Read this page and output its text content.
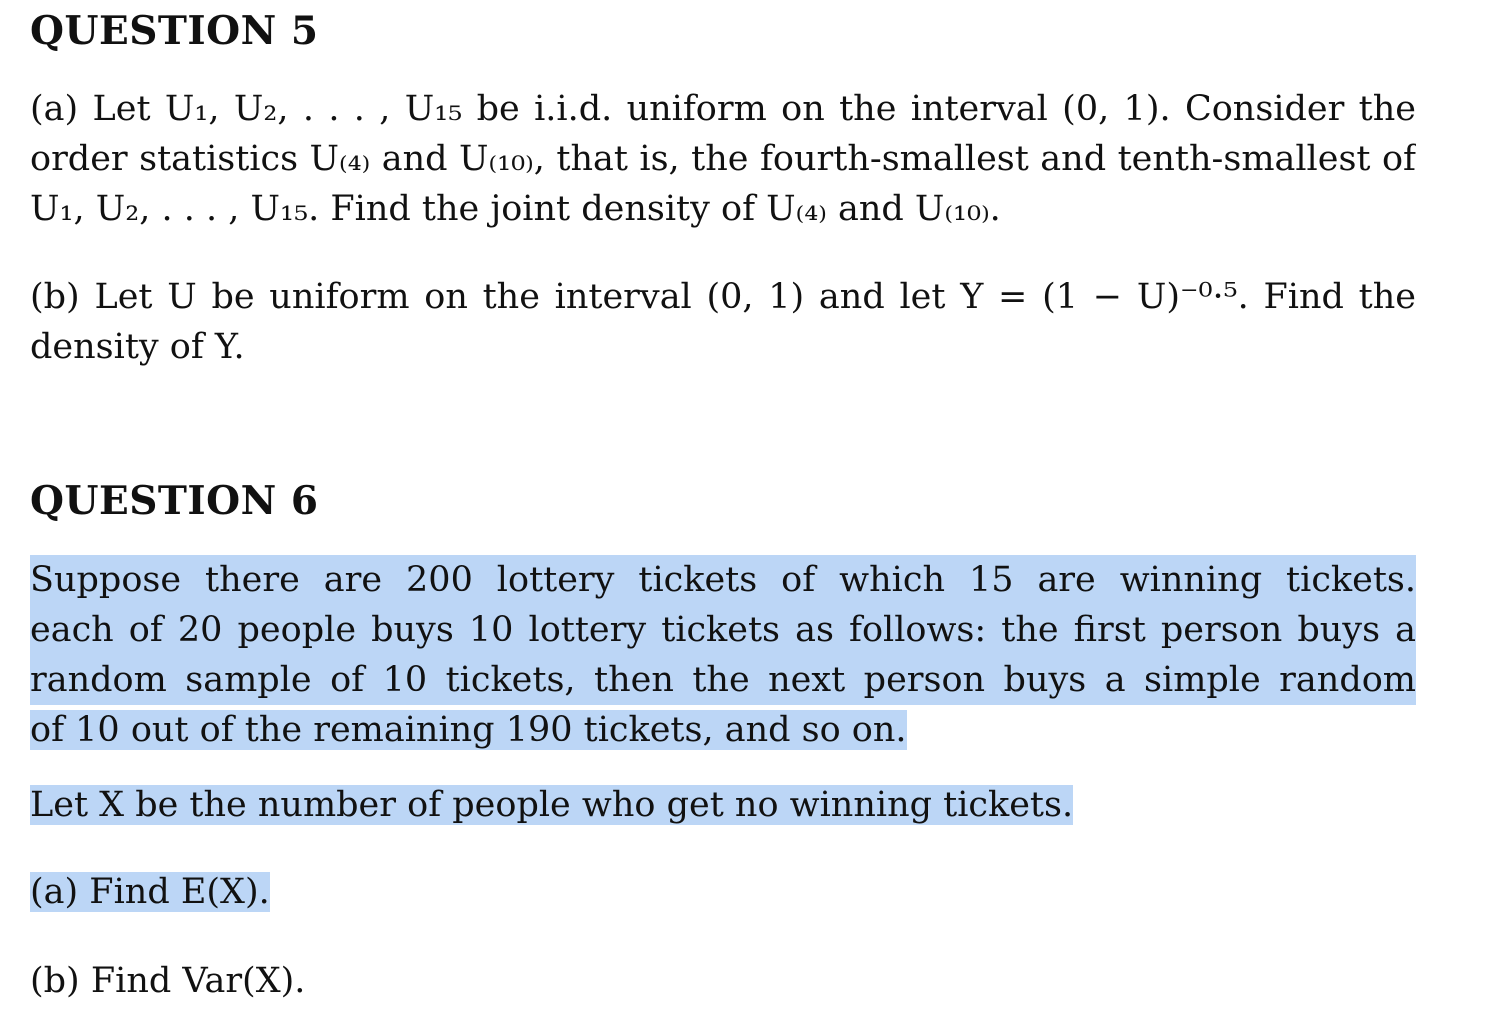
QUESTION 5
(a) Let U₁, U₂, . . . , U₁₅ be i.i.d. uniform on the interval (0, 1). Consider the
order statistics U₍₄₎ and U₍₁₀₎, that is, the fourth-smallest and tenth-smallest of
U₁, U₂, . . . , U₁₅. Find the joint density of U₍₄₎ and U₍₁₀₎.
(b) Let U be uniform on the interval (0, 1) and let Y = (1 − U)⁻⁰·⁵. Find the
density of Y.
QUESTION 6
Suppose there are 200 lottery tickets of which 15 are winning tickets.
each of 20 people buys 10 lottery tickets as follows: the first person buys a
random sample of 10 tickets, then the next person buys a simple random
of 10 out of the remaining 190 tickets, and so on.
Let X be the number of people who get no winning tickets.
(a) Find E(X).
(b) Find Var(X).
